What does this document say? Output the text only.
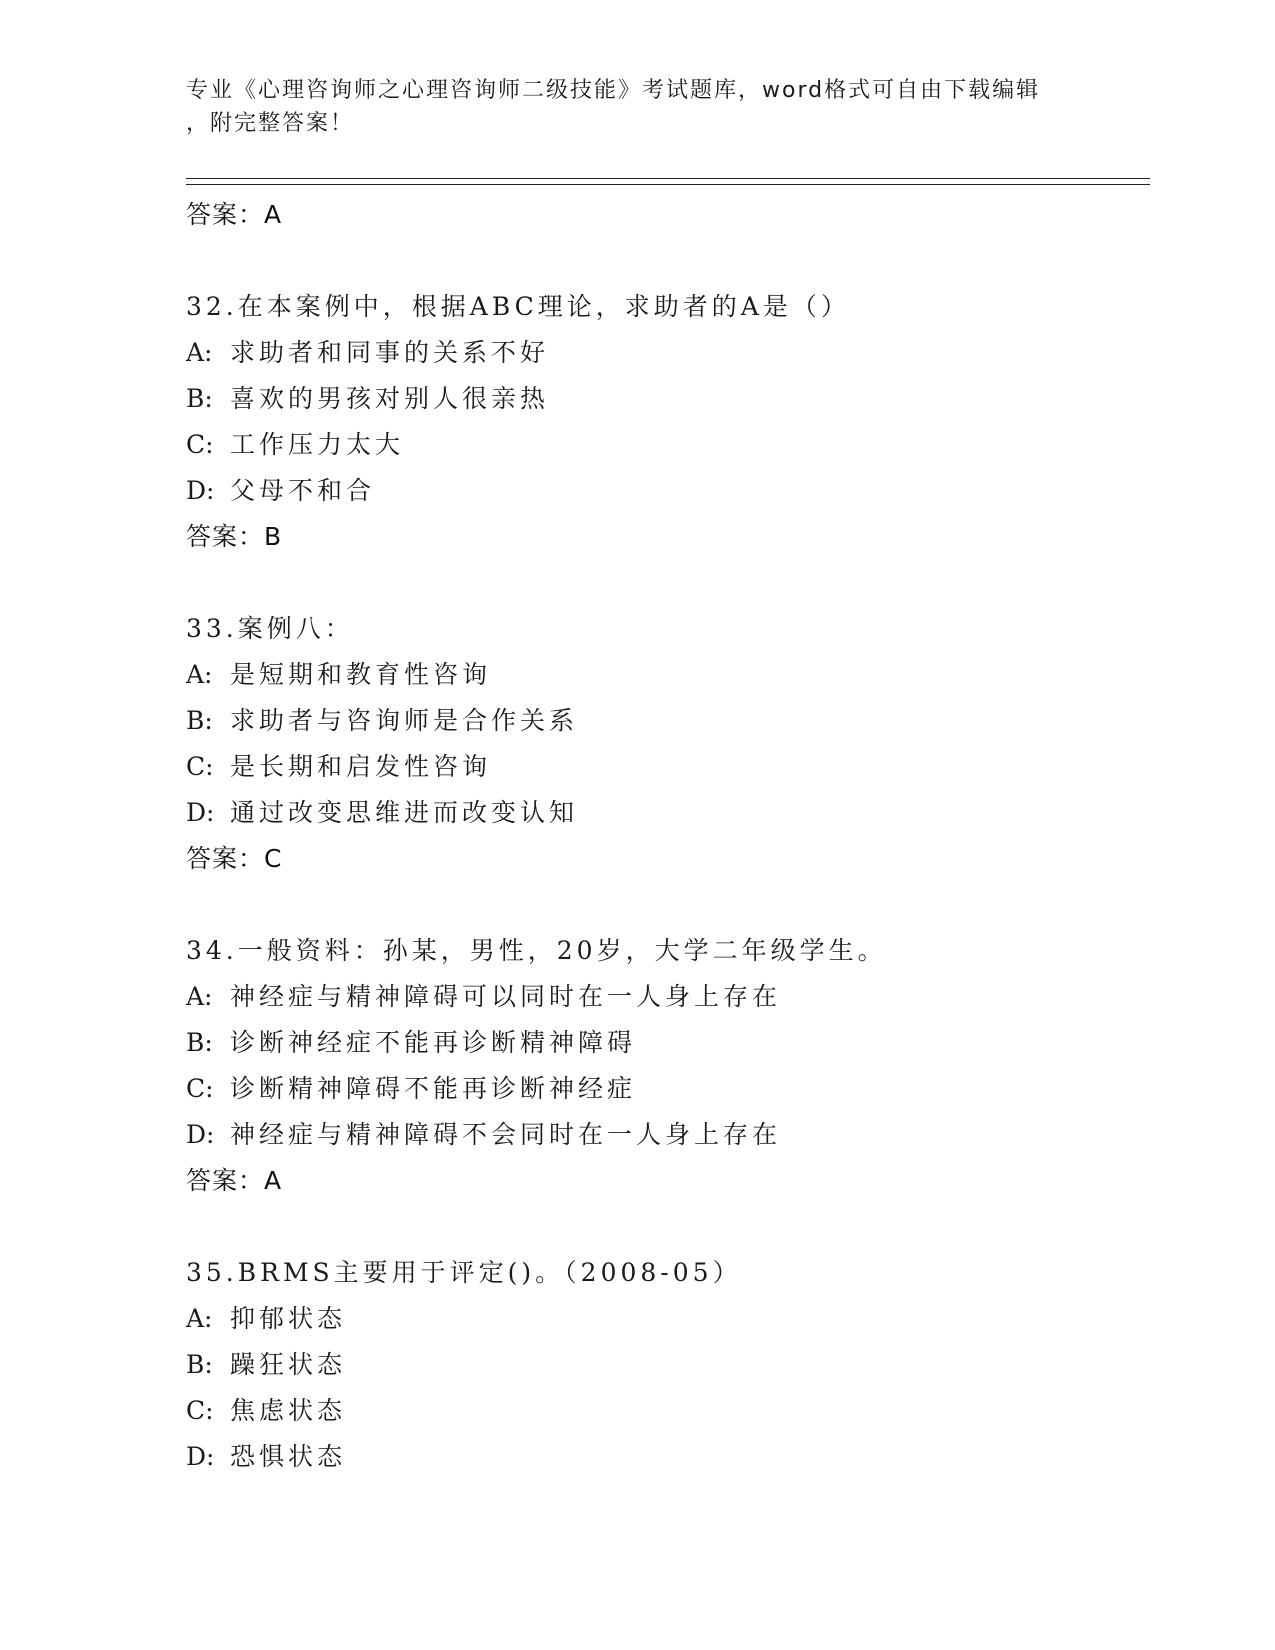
专业《心理咨询师之心理咨询师二级技能》考试题库，word格式可自由下载编辑
，附完整答案！
答案：A
32.在本案例中，根据ABC理论，求助者的A是（）
A: 求助者和同事的关系不好
B: 喜欢的男孩对别人很亲热
C: 工作压力太大
D: 父母不和合
答案：B
33.案例八：
A: 是短期和教育性咨询
B: 求助者与咨询师是合作关系
C: 是长期和启发性咨询
D: 通过改变思维进而改变认知
答案：C
34.一般资料：孙某，男性，20岁，大学二年级学生。
A: 神经症与精神障碍可以同时在一人身上存在
B: 诊断神经症不能再诊断精神障碍
C: 诊断精神障碍不能再诊断神经症
D: 神经症与精神障碍不会同时在一人身上存在
答案：A
35.BRMS主要用于评定()。（2008-05）
A: 抑郁状态
B: 躁狂状态
C: 焦虑状态
D: 恐惧状态
